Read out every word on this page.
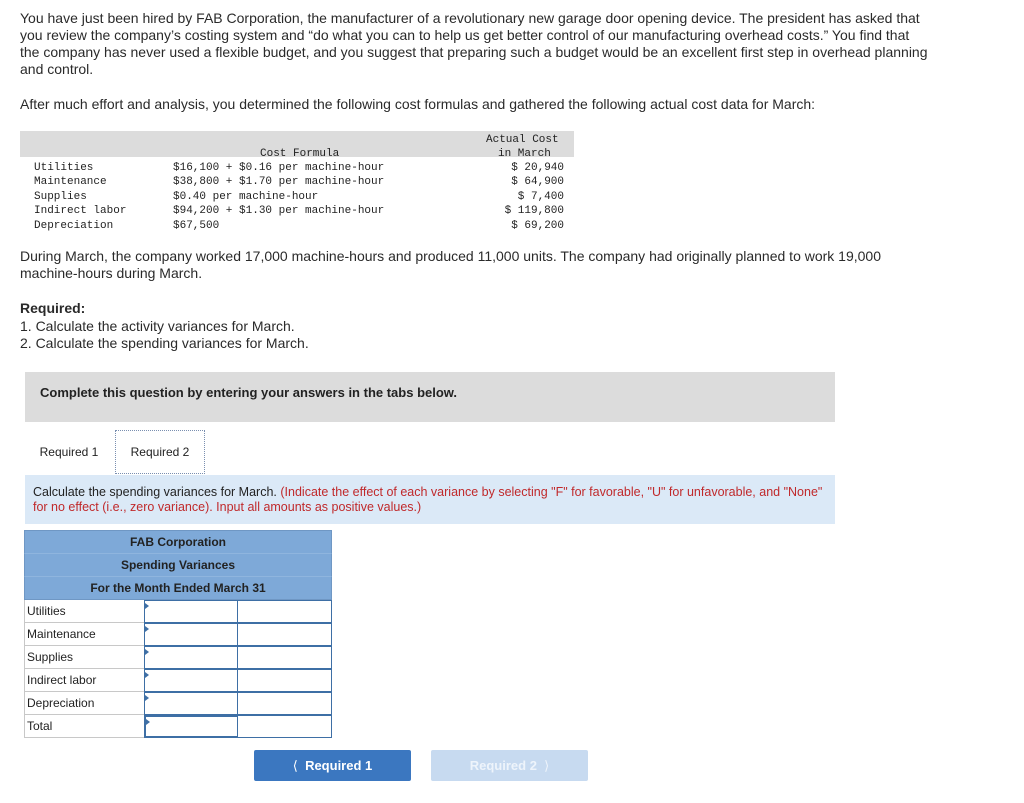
You have just been hired by FAB Corporation, the manufacturer of a revolutionary new garage door opening device. The president has asked that you review the company’s costing system and “do what you can to help us get better control of our manufacturing overhead costs.” You find that the company has never used a flexible budget, and you suggest that preparing such a budget would be an excellent first step in overhead planning and control.
After much effort and analysis, you determined the following cost formulas and gathered the following actual cost data for March:
Cost Formula
Actual Cost
in March
Utilities	$16,100 + $0.16 per machine-hour	$ 20,940
Maintenance	$38,800 + $1.70 per machine-hour	$ 64,900
Supplies	$0.40 per machine-hour	$ 7,400
Indirect labor	$94,200 + $1.30 per machine-hour	$ 119,800
Depreciation	$67,500	$ 69,200
During March, the company worked 17,000 machine-hours and produced 11,000 units. The company had originally planned to work 19,000 machine-hours during March.
Required:
1. Calculate the activity variances for March.
2. Calculate the spending variances for March.
Complete this question by entering your answers in the tabs below.
Required 1	Required 2
Calculate the spending variances for March. (Indicate the effect of each variance by selecting "F" for favorable, "U" for unfavorable, and "None" for no effect (i.e., zero variance). Input all amounts as positive values.)
FAB Corporation
Spending Variances
For the Month Ended March 31
Utilities
Maintenance
Supplies
Indirect labor
Depreciation
Total
⟨ Required 1	Required 2 ⟩
